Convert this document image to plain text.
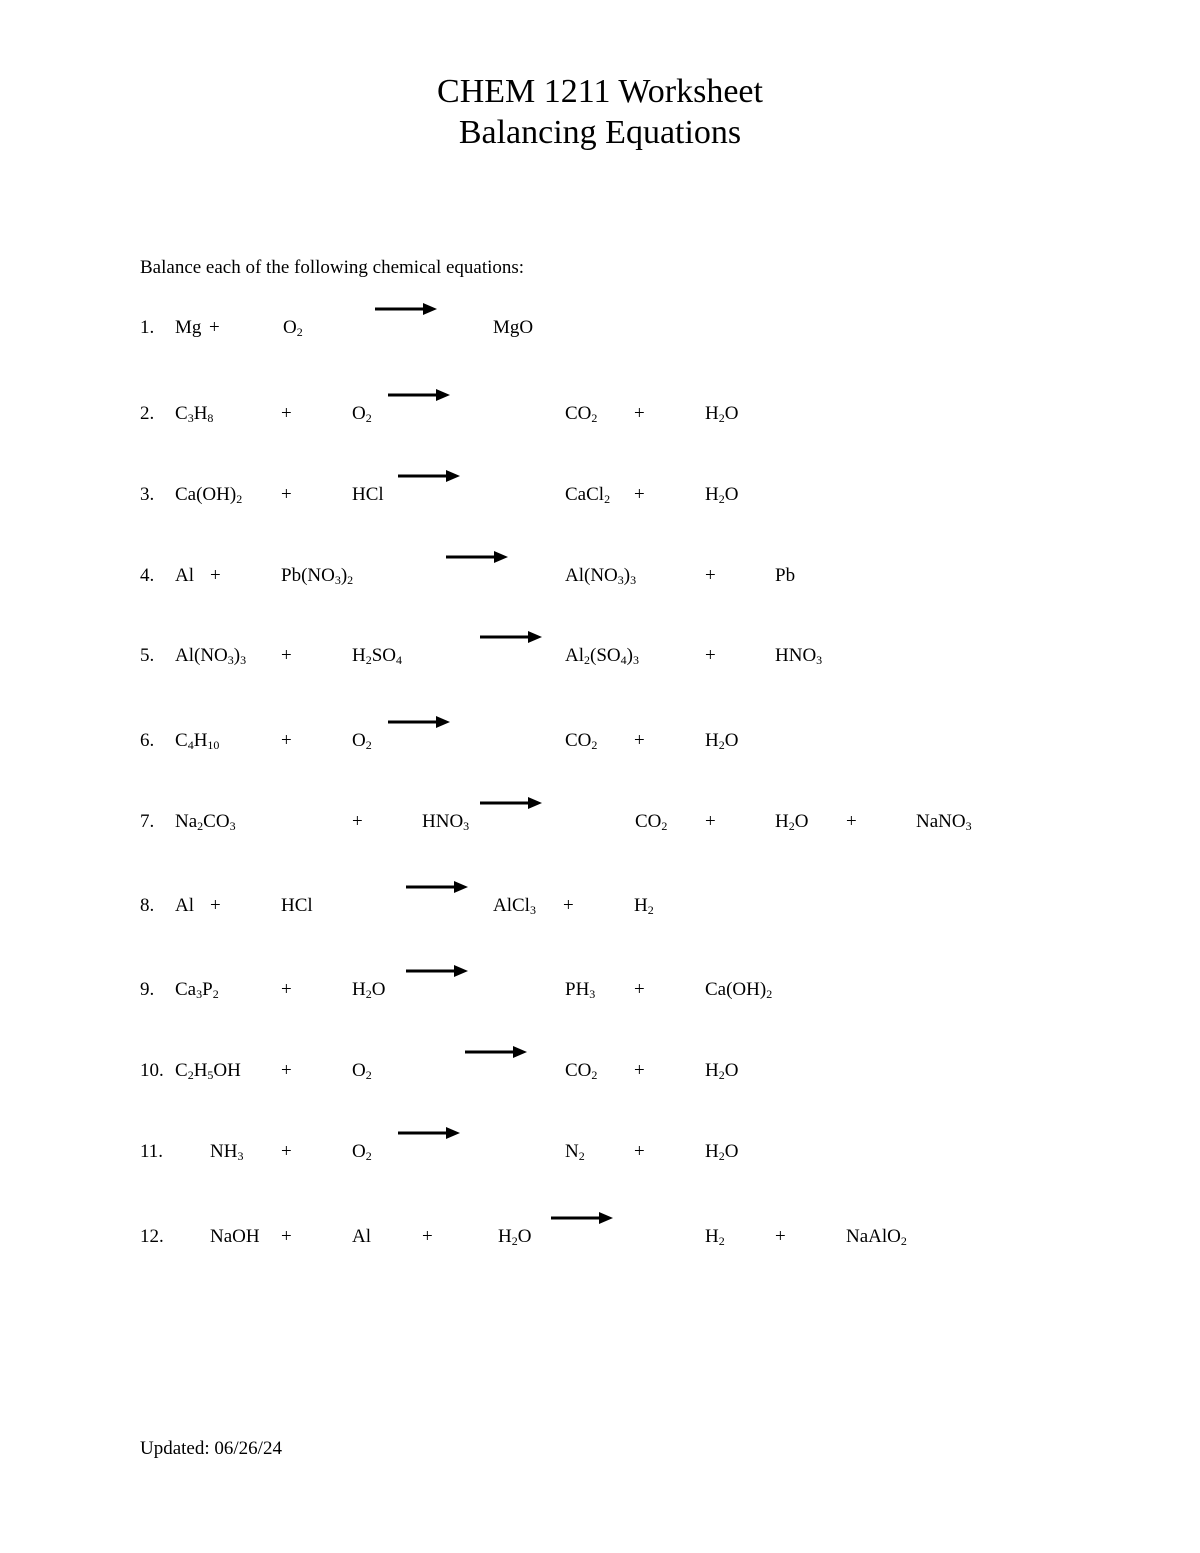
CHEM 1211 Worksheet
Balancing Equations
Balance each of the following chemical equations:
1. Mg +	$O_2$	MgO
2. $C_3H_8$	+	$O_2$	$CO_2$ +	$H_2O$
3. $Ca(OH)_2$ +	HCl	CaCl$_2$ +	$H_2O$
4. Al +	$Pb(NO_3)_2$	$Al(NO_3)_3$	+	Pb
5. $Al(NO_3)_3$ +	$H_2SO_4$	$Al_2(SO_4)_3$	+	$HNO_3$
6. $C_4H_{10}$	+	$O_2$	$CO_2$ +	$H_2O$
7. $Na_2CO_3$	+	$HNO_3$	$CO_2$ +	$H_2O$ +	NaNO$_3$
8. Al +	HCl	AlCl$_3$ +	$H_2$
9. $Ca_3P_2$	+	$H_2O$	$PH_3$ +	$Ca(OH)_2$
10. $C_2H_5OH$ +	$O_2$	$CO_2$ +	$H_2O$
11. $NH_3$ +	$O_2$	$N_2$	+	$H_2O$
12. NaOH +	Al	+	$H_2O$	$H_2$	+	NaAlO$_2$
Updated: 06/26/24
